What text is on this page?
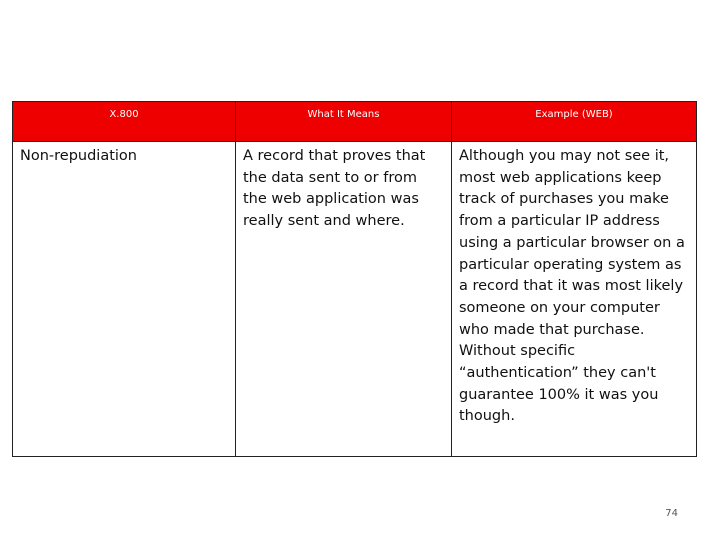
X.800	What It Means	Example (WEB)
Non-repudiation	A record that proves that the data sent to or from the web application was really sent and where.	Although you may not see it, most web applications keep track of purchases you make from a particular IP address using a particular browser on a particular operating system as a record that it was most likely someone on your computer who made that purchase. Without specific “authentication” they can't guarantee 100% it was you though.
74
